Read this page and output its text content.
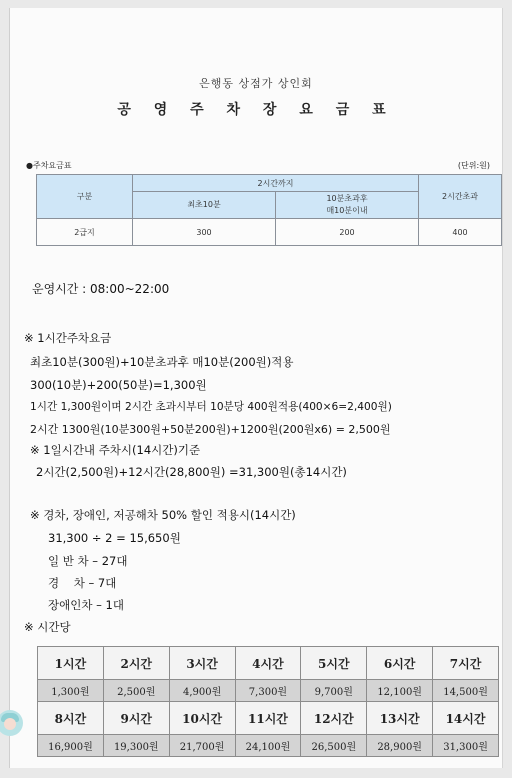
은행동 상점가 상인회
공 영 주 차 장 요 금 표
●주차요금표	(단위:원)
구분	2시간까지		2시간초과
	최초10분	10분초과후
매10분이내	
2급지	300	200	400
운영시간 : 08:00~22:00
※ 1시간주차요금
최초10분(300원)+10분초과후 매10분(200원)적용
300(10분)+200(50분)=1,300원
1시간 1,300원이며 2시간 초과시부터 10분당 400원적용(400×6=2,400원)
2시간 1300원(10분300원+50분200원)+1200원(200원x6) = 2,500원
※ 1일시간내 주차시(14시간)기준
2시간(2,500원)+12시간(28,800원) =31,300원(총14시간)
※ 경차, 장애인, 저공해차 50% 할인 적용시(14시간)
31,300 ÷ 2 = 15,650원
일 반 차 – 27대
경    차 – 7대
장애인차 – 1대
※ 시간당
1시간	2시간	3시간	4시간	5시간	6시간	7시간
1,300원	2,500원	4,900원	7,300원	9,700원	12,100원	14,500원
8시간	9시간	10시간	11시간	12시간	13시간	14시간
16,900원	19,300원	21,700원	24,100원	26,500원	28,900원	31,300원
